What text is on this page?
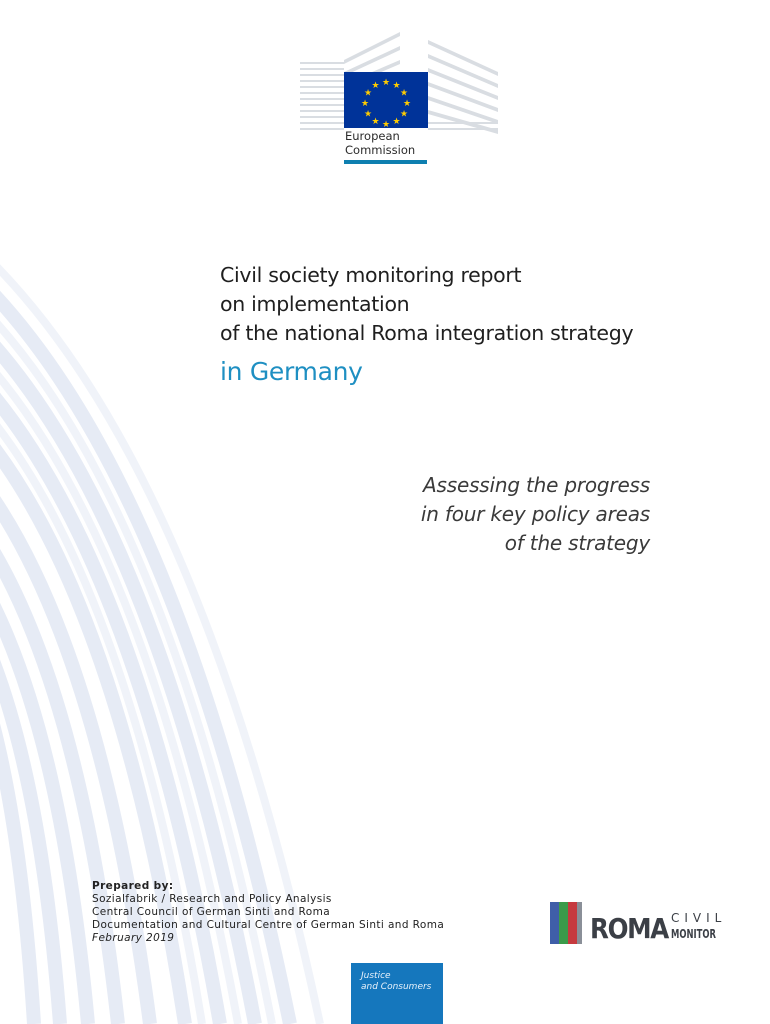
★ ★
★
★
★
★
★
★
★
★
★
★
European
Commission
Civil society monitoring report
on implementation
of the national Roma integration strategy
in Germany
Assessing the progress
in four key policy areas
of the strategy
Prepared by:
Sozialfabrik / Research and Policy Analysis
Central Council of German Sinti and Roma
Documentation and Cultural Centre of German Sinti and Roma
February 2019	ROMA CIVIL
MONITOR
Justice
and Consumers
